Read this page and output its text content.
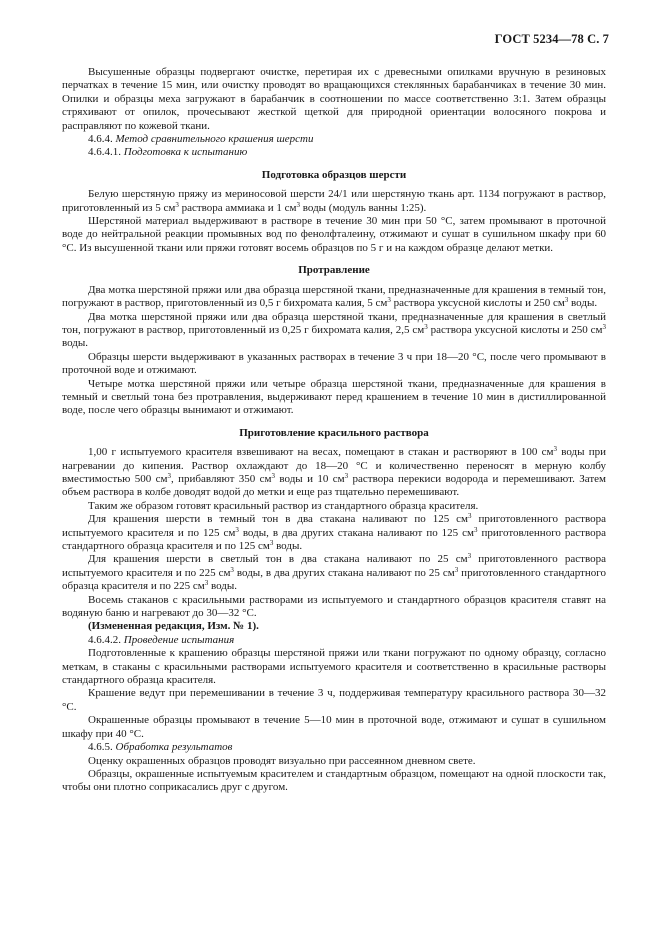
ГОСТ 5234—78 С. 7

Высушенные образцы подвергают очистке, перетирая их с древесными опилками вручную в резиновых перчатках в течение 15 мин, или очистку проводят во вращающихся стеклянных барабанчиках в течение 30 мин. Опилки и образцы меха загружают в барабанчик в соотношении по массе соответственно 3:1. Затем образцы стряхивают от опилок, прочесывают жесткой щеткой для природной ориентации волосяного покрова и расправляют по кожевой ткани.

4.6.4. Метод сравнительного крашения шерсти

4.6.4.1. Подготовка к испытанию

Подготовка образцов шерсти

Белую шерстяную пряжу из мериносовой шерсти 24/1 или шерстяную ткань арт. 1134 погружают в раствор, приготовленный из 5 $см^3$ раствора аммиака и 1 $см^3$ воды (модуль ванны 1:25).

Шерстяной материал выдерживают в растворе в течение 30 мин при 50 °С, затем промывают в проточной воде до нейтральной реакции промывных вод по фенолфталеину, отжимают и сушат в сушильном шкафу при 60 °С. Из высушенной ткани или пряжи готовят восемь образцов по 5 г и на каждом образце делают метки.

Протравление

Два мотка шерстяной пряжи или два образца шерстяной ткани, предназначенные для крашения в темный тон, погружают в раствор, приготовленный из 0,5 г бихромата калия, 5 $см^3$ раствора уксусной кислоты и 250 $см^3$ воды.

Два мотка шерстяной пряжи или два образца шерстяной ткани, предназначенные для крашения в светлый тон, погружают в раствор, приготовленный из 0,25 г бихромата калия, 2,5 $см^3$ раствора уксусной кислоты и 250 $см^3$ воды.

Образцы шерсти выдерживают в указанных растворах в течение 3 ч при 18—20 °С, после чего промывают в проточной воде и отжимают.

Четыре мотка шерстяной пряжи или четыре образца шерстяной ткани, предназначенные для крашения в темный и светлый тона без протравления, выдерживают перед крашением в течение 10 мин в дистиллированной воде, после чего образцы вынимают и отжимают.

Приготовление красильного раствора

1,00 г испытуемого красителя взвешивают на весах, помещают в стакан и растворяют в 100 $см^3$ воды при нагревании до кипения. Раствор охлаждают до 18—20 °С и количественно переносят в мерную колбу вместимостью 500 $см^3$, прибавляют 350 $см^3$ воды и 10 $см^3$ раствора перекиси водорода и перемешивают. Затем объем раствора в колбе доводят водой до метки и еще раз тщательно перемешивают.

Таким же образом готовят красильный раствор из стандартного образца красителя.

Для крашения шерсти в темный тон в два стакана наливают по 125 $см^3$ приготовленного раствора испытуемого красителя и по 125 $см^3$ воды, в два других стакана наливают по 125 $см^3$ приготовленного раствора стандартного образца красителя и по 125 $см^3$ воды.

Для крашения шерсти в светлый тон в два стакана наливают по 25 $см^3$ приготовленного раствора испытуемого красителя и по 225 $см^3$ воды, в два других стакана наливают по 25 $см^3$ приготовленного стандартного образца красителя и по 225 $см^3$ воды.

Восемь стаканов с красильными растворами из испытуемого и стандартного образцов красителя ставят на водяную баню и нагревают до 30—32 °С.

(Измененная редакция, Изм. № 1).

4.6.4.2. Проведение испытания

Подготовленные к крашению образцы шерстяной пряжи или ткани погружают по одному образцу, согласно меткам, в стаканы с красильными растворами испытуемого красителя и соответственно в красильные растворы стандартного образца красителя.

Крашение ведут при перемешивании в течение 3 ч, поддерживая температуру красильного раствора 30—32 °С.

Окрашенные образцы промывают в течение 5—10 мин в проточной воде, отжимают и сушат в сушильном шкафу при 40 °С.

4.6.5. Обработка результатов

Оценку окрашенных образцов проводят визуально при рассеянном дневном свете.

Образцы, окрашенные испытуемым красителем и стандартным образцом, помещают на одной плоскости так, чтобы они плотно соприкасались друг с другом.
